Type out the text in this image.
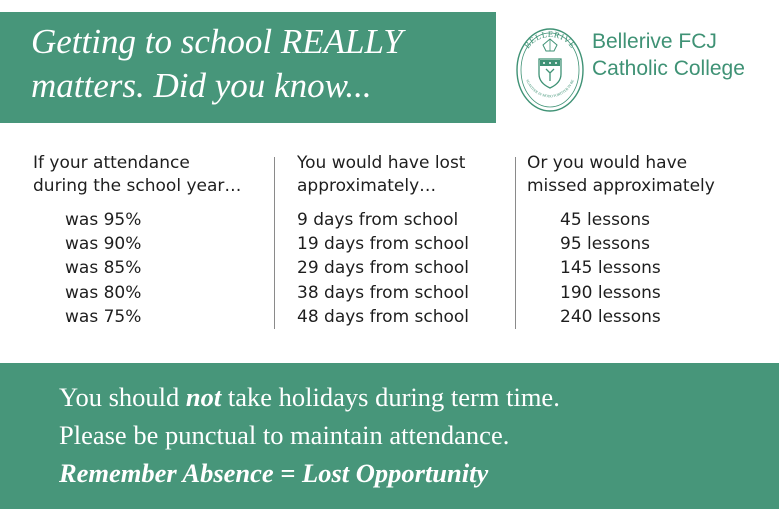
Getting to school REALLY
matters. Did you know...
BELLERIVE
SUAVITER IN MODO FORTITER IN RE
Bellerive FCJ
Catholic College

If your attendance
during the school year…

was 95%
was 90%
was 85%
was 80%
was 75%

You would have lost
approximately…

9 days from school
19 days from school
29 days from school
38 days from school
48 days from school

Or you would have
missed approximately

45 lessons
95 lessons
145 lessons
190 lessons
240 lessons
You should not take holidays during term time.
Please be punctual to maintain attendance.
Remember Absence = Lost Opportunity
